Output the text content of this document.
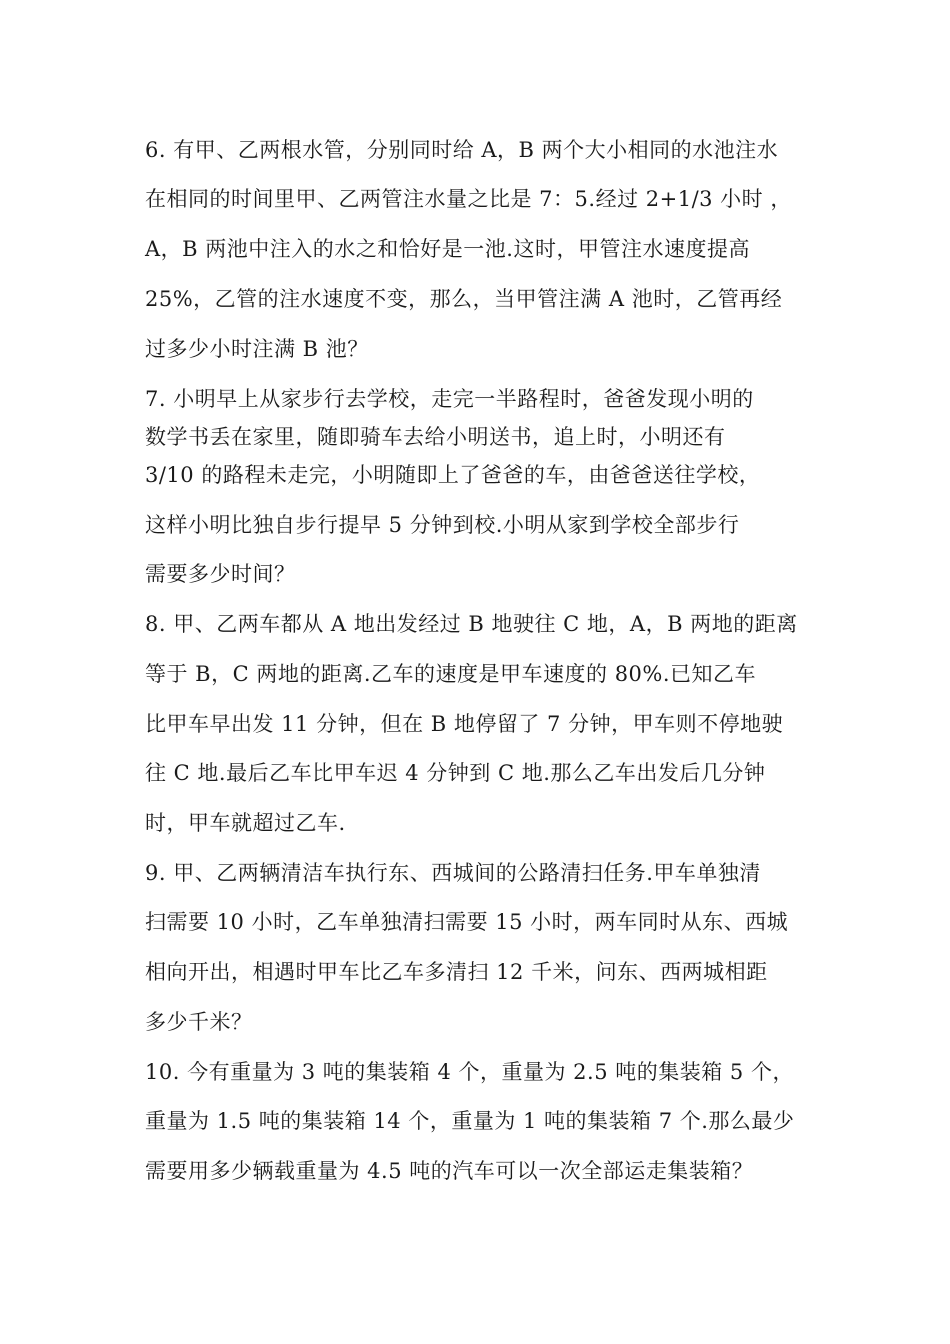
6. 有甲、乙两根水管，分别同时给 A，B 两个大小相同的水池注水
在相同的时间里甲、乙两管注水量之比是 7：5.经过 2+1/3 小时 ，
A，B 两池中注入的水之和恰好是一池.这时，甲管注水速度提高
25%，乙管的注水速度不变，那么，当甲管注满 A 池时，乙管再经
过多少小时注满 B 池？
7. 小明早上从家步行去学校，走完一半路程时，爸爸发现小明的
数学书丢在家里，随即骑车去给小明送书，追上时，小明还有
3/10 的路程未走完，小明随即上了爸爸的车，由爸爸送往学校，
这样小明比独自步行提早 5 分钟到校.小明从家到学校全部步行
需要多少时间？
8. 甲、乙两车都从 A 地出发经过 B 地驶往 C 地，A，B 两地的距离
等于 B，C 两地的距离.乙车的速度是甲车速度的 80%.已知乙车
比甲车早出发 11 分钟，但在 B 地停留了 7 分钟，甲车则不停地驶
往 C 地.最后乙车比甲车迟 4 分钟到 C 地.那么乙车出发后几分钟
时，甲车就超过乙车.
9. 甲、乙两辆清洁车执行东、西城间的公路清扫任务.甲车单独清
扫需要 10 小时，乙车单独清扫需要 15 小时，两车同时从东、西城
相向开出，相遇时甲车比乙车多清扫 12 千米，问东、西两城相距
多少千米？
10. 今有重量为 3 吨的集装箱 4 个，重量为 2.5 吨的集装箱 5 个，
重量为 1.5 吨的集装箱 14 个，重量为 1 吨的集装箱 7 个.那么最少
需要用多少辆载重量为 4.5 吨的汽车可以一次全部运走集装箱？
